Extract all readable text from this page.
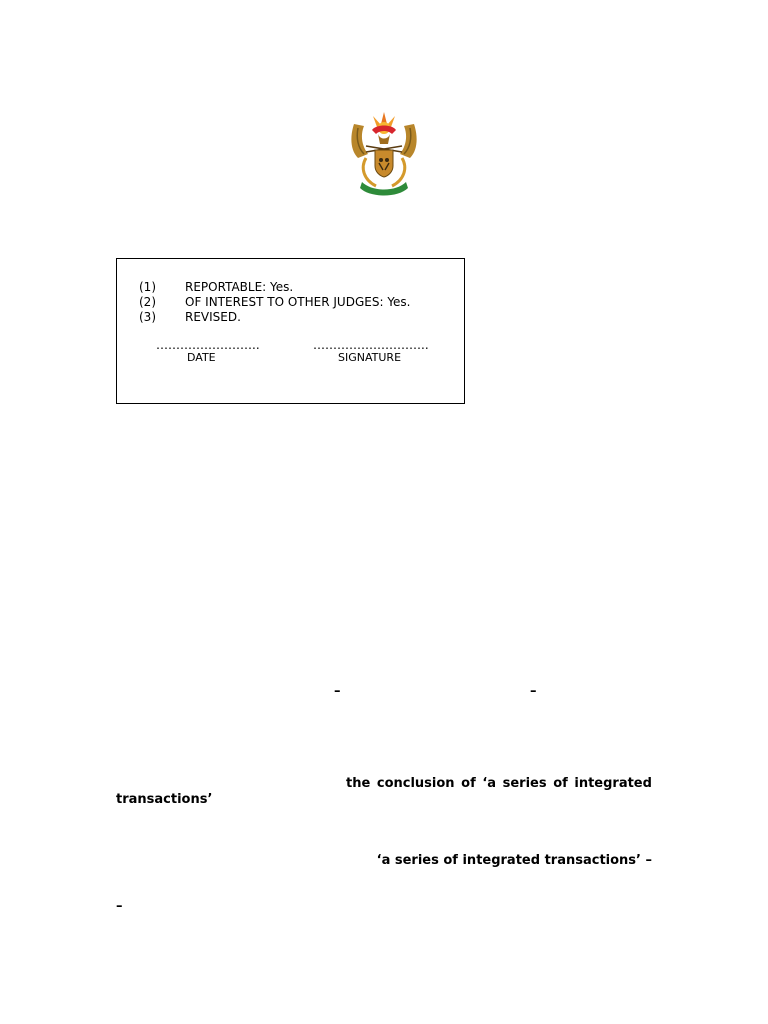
(1) REPORTABLE: Yes.
(2) OF INTEREST TO OTHER JUDGES: Yes.
(3) REVISED.
……………………..	………………………..
DATE	SIGNATURE
–	–
the conclusion of ‘a series of integrated
transactions’
‘a series of integrated transactions’ –
–
